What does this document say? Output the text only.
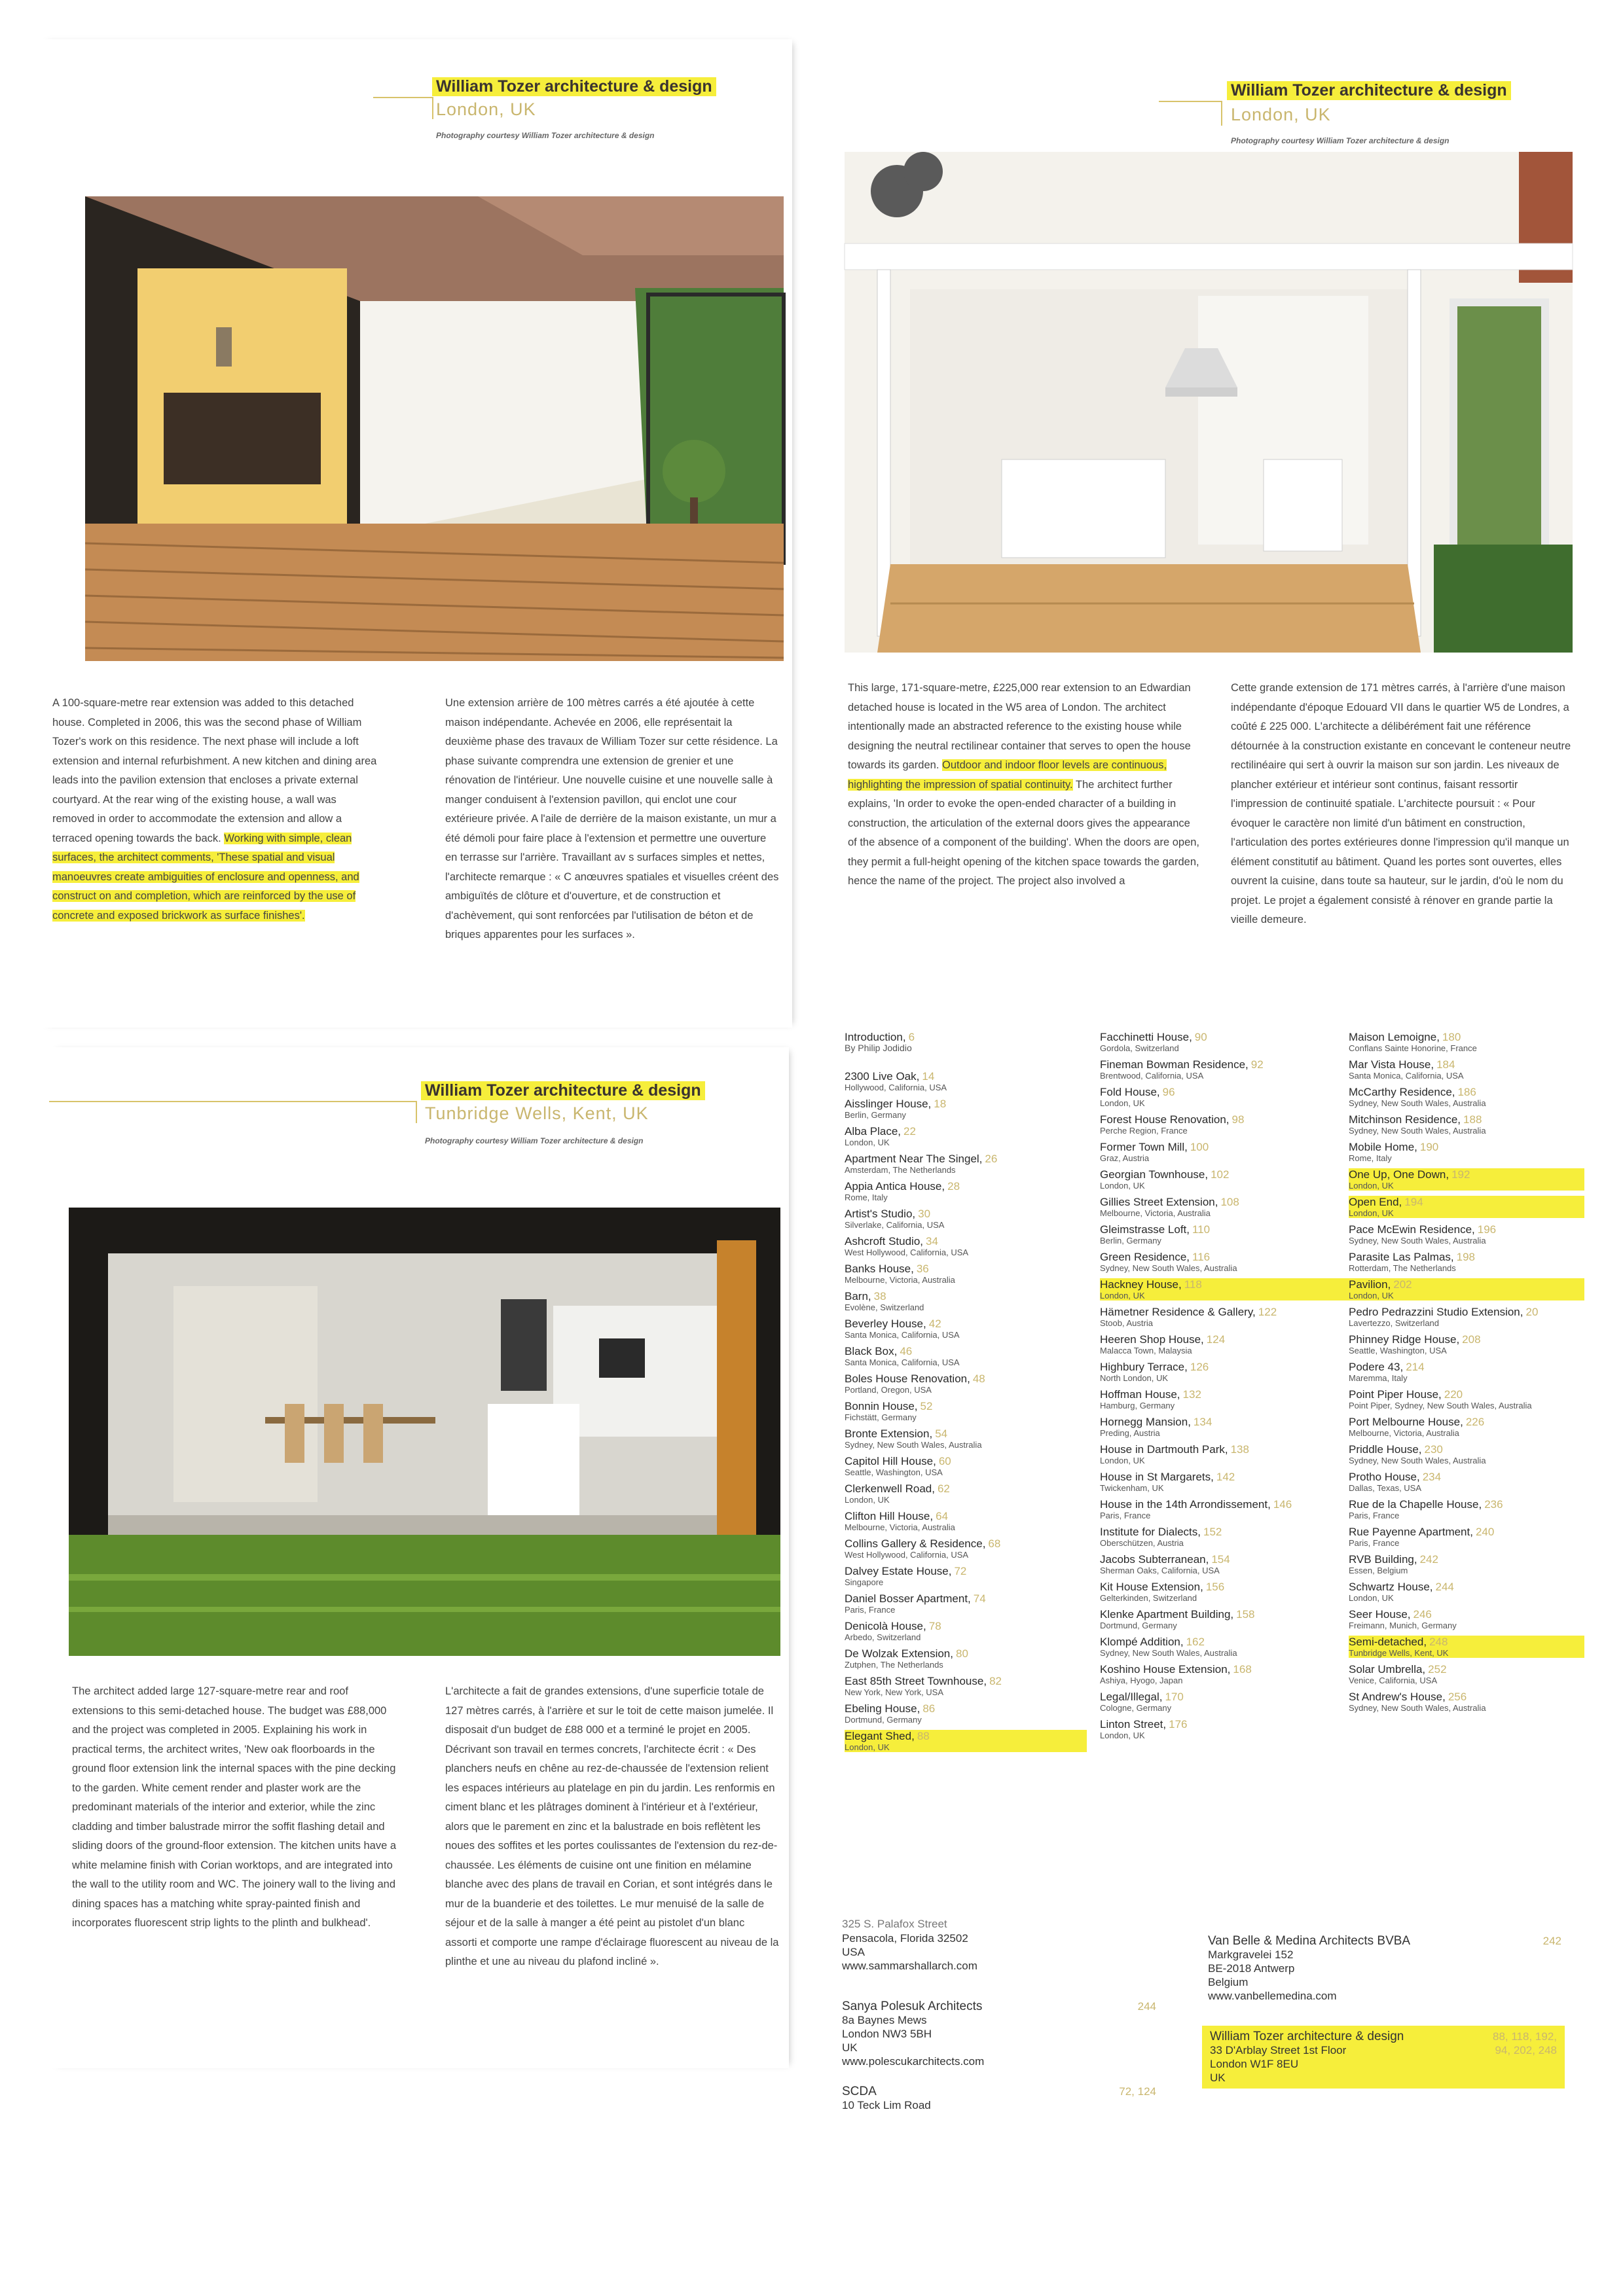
William Tozer architecture & design
London, UK
Photography courtesy William Tozer architecture & design

A 100-square-metre rear extension was added to this detached house. Completed in 2006, this was the second phase of William Tozer's work on this residence. The next phase will include a loft extension and internal refurbishment. A new kitchen and dining area leads into the pavilion extension that encloses a private external courtyard. At the rear wing of the existing house, a wall was removed in order to accommodate the extension and allow a terraced opening towards the back. Working with simple, clean surfaces, the architect comments, 'These spatial and visual manoeuvres create ambiguities of enclosure and openness, and construct on and completion, which are reinforced by the use of concrete and exposed brickwork as surface finishes'.

Une extension arrière de 100 mètres carrés a été ajoutée à cette maison indépendante. Achevée en 2006, elle représentait la deuxième phase des travaux de William Tozer sur cette résidence. La phase suivante comprendra une extension de grenier et une rénovation de l'intérieur. Une nouvelle cuisine et une nouvelle salle à manger conduisent à l'extension pavillon, qui enclot une cour extérieure privée. A l'aile de derrière de la maison existante, un mur a été démoli pour faire place à l'extension et permettre une ouverture en terrasse sur l'arrière. Travaillant av s surfaces simples et nettes, l'architecte remarque : « C anœuvres spatiales et visuelles créent des ambiguïtés de clôture et d'ouverture, et de construction et d'achèvement, qui sont renforcées par l'utilisation de béton et de briques apparentes pour les surfaces ».

William Tozer architecture & design
London, UK
Photography courtesy William Tozer architecture & design

This large, 171-square-metre, £225,000 rear extension to an Edwardian detached house is located in the W5 area of London. The architect intentionally made an abstracted reference to the existing house while designing the neutral rectilinear container that serves to open the house towards its garden. Outdoor and indoor floor levels are continuous, highlighting the impression of spatial continuity. The architect further explains, 'In order to evoke the open-ended character of a building in construction, the articulation of the external doors gives the appearance of the absence of a component of the building'. When the doors are open, they permit a full-height opening of the kitchen space towards the garden, hence the name of the project. The project also involved a

Cette grande extension de 171 mètres carrés, à l'arrière d'une maison indépendante d'époque Edouard VII dans le quartier W5 de Londres, a coûté £ 225 000. L'architecte a délibérément fait une référence détournée à la construction existante en concevant le conteneur neutre rectilinéaire qui sert à ouvrir la maison sur son jardin. Les niveaux de plancher extérieur et intérieur sont continus, faisant ressortir l'impression de continuité spatiale. L'architecte poursuit : « Pour évoquer le caractère non limité d'un bâtiment en construction, l'articulation des portes extérieures donne l'impression qu'il manque un élément constitutif au bâtiment. Quand les portes sont ouvertes, elles ouvrent la cuisine, dans toute sa hauteur, sur le jardin, d'où le nom du projet. Le projet a également consisté à rénover en grande partie la vieille demeure.

William Tozer architecture & design
Tunbridge Wells, Kent, UK
Photography courtesy William Tozer architecture & design

The architect added large 127-square-metre rear and roof extensions to this semi-detached house. The budget was £88,000 and the project was completed in 2005. Explaining his work in practical terms, the architect writes, 'New oak floorboards in the ground floor extension link the internal spaces with the pine decking to the garden. White cement render and plaster work are the predominant materials of the interior and exterior, while the zinc cladding and timber balustrade mirror the soffit flashing detail and sliding doors of the ground-floor extension. The kitchen units have a white melamine finish with Corian worktops, and are integrated into the wall to the utility room and WC. The joinery wall to the living and dining spaces has a matching white spray-painted finish and incorporates fluorescent strip lights to the plinth and bulkhead'.

L'architecte a fait de grandes extensions, d'une superficie totale de 127 mètres carrés, à l'arrière et sur le toit de cette maison jumelée. Il disposait d'un budget de £88 000 et a terminé le projet en 2005. Décrivant son travail en termes concrets, l'architecte écrit : « Des planchers neufs en chêne au rez-de-chaussée de l'extension relient les espaces intérieurs au platelage en pin du jardin. Les renformis en ciment blanc et les plâtrages dominent à l'intérieur et à l'extérieur, alors que le parement en zinc et la balustrade en bois reflètent les noues des soffites et les portes coulissantes de l'extension du rez-de-chaussée. Les éléments de cuisine ont une finition en mélamine blanche avec des plans de travail en Corian, et sont intégrés dans le mur de la buanderie et des toilettes. Le mur menuisé de la salle de séjour et de la salle à manger a été peint au pistolet d'un blanc assorti et comporte une rampe d'éclairage fluorescent au niveau de la plinthe et une au niveau du plafond incliné ».

Introduction, 6
By Philip Jodidio
2300 Live Oak, 14
Hollywood, California, USA
Aisslinger House, 18
Berlin, Germany
Alba Place, 22
London, UK
Apartment Near The Singel, 26
Amsterdam, The Netherlands
Appia Antica House, 28
Rome, Italy
Artist's Studio, 30
Silverlake, California, USA
Ashcroft Studio, 34
West Hollywood, California, USA
Banks House, 36
Melbourne, Victoria, Australia
Barn, 38
Evolène, Switzerland
Beverley House, 42
Santa Monica, California, USA
Black Box, 46
Santa Monica, California, USA
Boles House Renovation, 48
Portland, Oregon, USA
Bonnin House, 52
Fichstätt, Germany
Bronte Extension, 54
Sydney, New South Wales, Australia
Capitol Hill House, 60
Seattle, Washington, USA
Clerkenwell Road, 62
London, UK
Clifton Hill House, 64
Melbourne, Victoria, Australia
Collins Gallery & Residence, 68
West Hollywood, California, USA
Dalvey Estate House, 72
Singapore
Daniel Bosser Apartment, 74
Paris, France
Denicolà House, 78
Arbedo, Switzerland
De Wolzak Extension, 80
Zutphen, The Netherlands
East 85th Street Townhouse, 82
New York, New York, USA
Ebeling House, 86
Dortmund, Germany
Elegant Shed, 88
London, UK
Facchinetti House, 90
Gordola, Switzerland
Fineman Bowman Residence, 92
Brentwood, California, USA
Fold House, 96
London, UK
Forest House Renovation, 98
Perche Region, France
Former Town Mill, 100
Graz, Austria
Georgian Townhouse, 102
London, UK
Gillies Street Extension, 108
Melbourne, Victoria, Australia
Gleimstrasse Loft, 110
Berlin, Germany
Green Residence, 116
Sydney, New South Wales, Australia
Hackney House, 118
London, UK
Hämetner Residence & Gallery, 122
Stoob, Austria
Heeren Shop House, 124
Malacca Town, Malaysia
Highbury Terrace, 126
North London, UK
Hoffman House, 132
Hamburg, Germany
Hornegg Mansion, 134
Preding, Austria
House in Dartmouth Park, 138
London, UK
House in St Margarets, 142
Twickenham, UK
House in the 14th Arrondissement, 146
Paris, France
Institute for Dialects, 152
Oberschützen, Austria
Jacobs Subterranean, 154
Sherman Oaks, California, USA
Kit House Extension, 156
Gelterkinden, Switzerland
Klenke Apartment Building, 158
Dortmund, Germany
Klompé Addition, 162
Sydney, New South Wales, Australia
Koshino House Extension, 168
Ashiya, Hyogo, Japan
Legal/Illegal, 170
Cologne, Germany
Linton Street, 176
London, UK
Maison Lemoigne, 180
Conflans Sainte Honorine, France
Mar Vista House, 184
Santa Monica, California, USA
McCarthy Residence, 186
Sydney, New South Wales, Australia
Mitchinson Residence, 188
Sydney, New South Wales, Australia
Mobile Home, 190
Rome, Italy
One Up, One Down, 192
London, UK
Open End, 194
London, UK
Pace McEwin Residence, 196
Sydney, New South Wales, Australia
Parasite Las Palmas, 198
Rotterdam, The Netherlands
Pavilion, 202
London, UK
Pedro Pedrazzini Studio Extension, 20
Lavertezzo, Switzerland
Phinney Ridge House, 208
Seattle, Washington, USA
Podere 43, 214
Maremma, Italy
Point Piper House, 220
Point Piper, Sydney, New South Wales, Australia
Port Melbourne House, 226
Melbourne, Victoria, Australia
Priddle House, 230
Sydney, New South Wales, Australia
Protho House, 234
Dallas, Texas, USA
Rue de la Chapelle House, 236
Paris, France
Rue Payenne Apartment, 240
Paris, France
RVB Building, 242
Essen, Belgium
Schwartz House, 244
London, UK
Seer House, 246
Freimann, Munich, Germany
Semi-detached, 248
Tunbridge Wells, Kent, UK
Solar Umbrella, 252
Venice, California, USA
St Andrew's House, 256
Sydney, New South Wales, Australia
325 S. Palafox Street
Pensacola, Florida 32502
USA
www.sammarshallarch.com
Sanya Polesuk Architects	244
8a Baynes Mews
London NW3 5BH
UK
www.polescukarchitects.com
SCDA	72, 124
10 Teck Lim Road
Van Belle & Medina Architects BVBA	242
Markgravelei 152
BE-2018 Antwerp
Belgium
www.vanbellemedina.com
William Tozer architecture & design	88, 118, 192,
33 D'Arblay Street 1st Floor	94, 202, 248
London W1F 8EU
UK
